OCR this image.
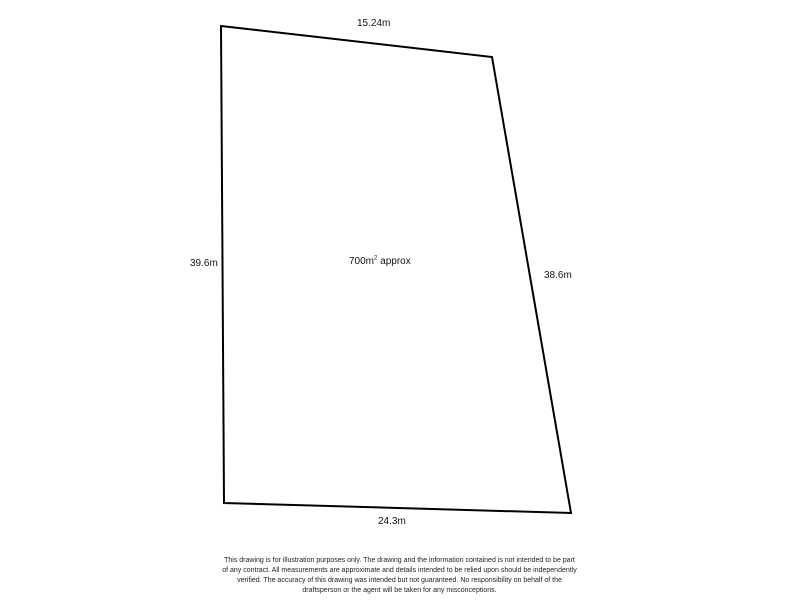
15.24m
39.6m
38.6m
24.3m
$700m^2$ approx
This drawing is for illustration purposes only. The drawing and the information contained is not intended to be part of any contract. All measurements are approximate and details intended to be relied upon should be independently verified. The accuracy of this drawing was intended but not guaranteed. No responsibility on behalf of the draftsperson or the agent will be taken for any misconceptions.
